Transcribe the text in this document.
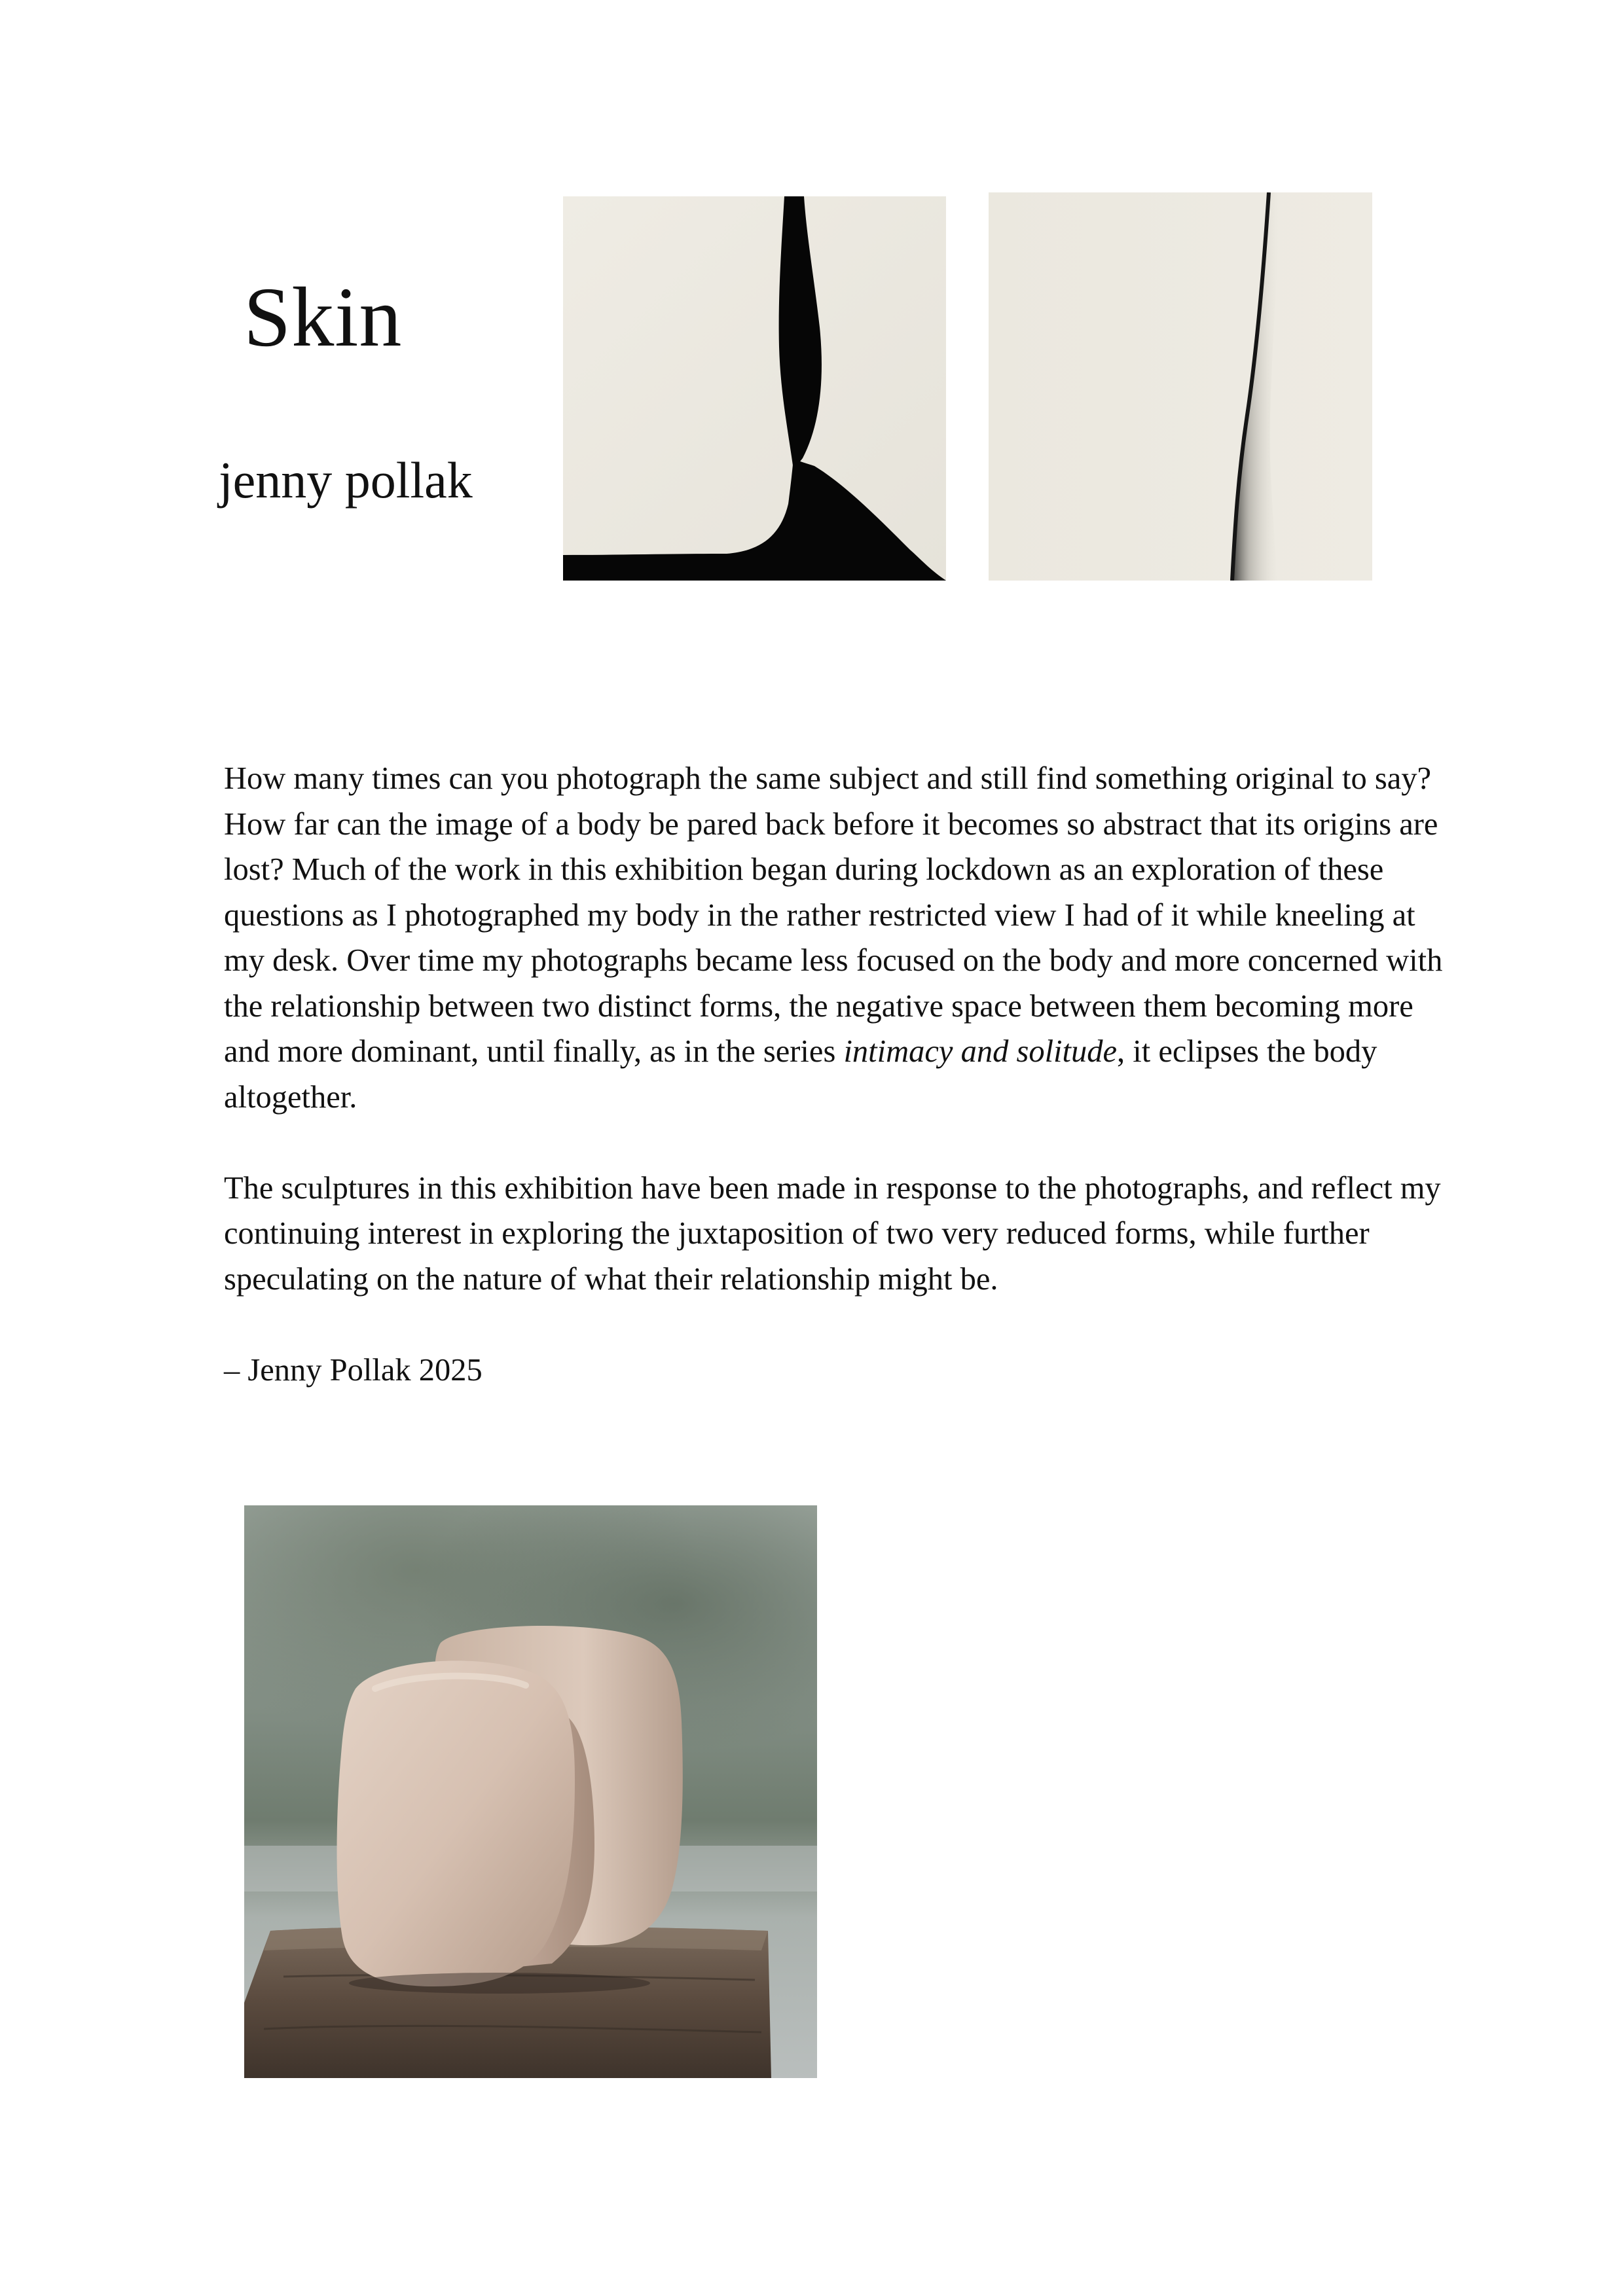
Skin
jenny pollak

How many times can you photograph the same subject and still find something original to say? How far can the image of a body be pared back before it becomes so abstract that its origins are lost? Much of the work in this exhibition began during lockdown as an exploration of these questions as I photographed my body in the rather restricted view I had of it while kneeling at my desk. Over time my photographs became less focused on the body and more concerned with the relationship between two distinct forms, the negative space between them becoming more and more dominant, until finally, as in the series intimacy and solitude, it eclipses the body altogether.

The sculptures in this exhibition have been made in response to the photographs, and reflect my continuing interest in exploring the juxtaposition of two very reduced forms, while further speculating on the nature of what their relationship might be.

– Jenny Pollak 2025
